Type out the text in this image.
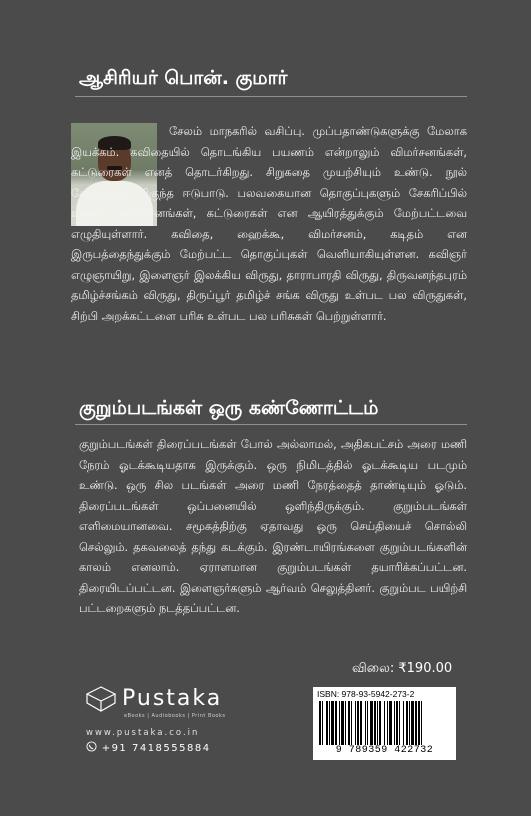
ஆசிரியர் பொன். குமார்
சேலம் மாநகரில் வசிப்பு. முப்பதாண்டுகளுக்கு மேலாக இயக்கம். கவிதையில் தொடங்கிய பயணம் என்றாலும் விமர்சனங்கள், கட்டுரைகள் எனத் தொடர்கிறது. சிறுகதை முயற்சியும் உண்டு. நூல் சேகரிப்பில் மிகுந்த ஈடுபாடு. பலவகையான தொகுப்புகளும் சேகரிப்பில் உண்டு. விமர்சனங்கள், கட்டுரைகள் என ஆயிரத்துக்கும் மேற்பட்டவை எழுதியுள்ளார். கவிதை, ஹைக்கூ, விமர்சனம், கடிதம் என இருபத்தைந்துக்கும் மேற்பட்ட தொகுப்புகள் வெளியாகியுள்ளன. கவிஞர் எழுஞாயிறு, இளைஞர் இலக்கிய விருது, தாராபாரதி விருது, திருவனந்தபுரம் தமிழ்ச்சங்கம் விருது, திருப்பூர் தமிழ்ச் சங்க விருது உள்பட பல விருதுகள், சிற்பி அறக்கட்டளை பரிசு உள்பட பல பரிசுகள் பெற்றுள்ளார்.
குறும்படங்கள் ஒரு கண்ணோட்டம்
குறும்படங்கள் திரைப்படங்கள் போல் அல்லாமல், அதிகபட்சம் அரை மணி நேரம் ஓடக்கூடியதாக இருக்கும். ஒரு நிமிடத்தில் ஓடக்கூடிய படமும் உண்டு. ஒரு சில படங்கள் அரை மணி நேரத்தைத் தாண்டியும் ஓடும். திரைப்படங்கள் ஒப்பனையில் ஒளிந்திருக்கும். குறும்படங்கள் எளிமையானவை. சமூகத்திற்கு ஏதாவது ஒரு செய்தியைச் சொல்லி செல்லும். தகவலைத் தந்து கடக்கும். இரண்டாயிரங்களை குறும்படங்களின் காலம் எனலாம். ஏராளமான குறும்படங்கள் தயாரிக்கப்பட்டன. திரையிடப்பட்டன. இளைஞர்களும் ஆர்வம் செலுத்தினர். குறும்பட பயிற்சி பட்டறைகளும் நடத்தப்பட்டன.
விலை: ₹190.00
Pustaka
eBooks | Audiobooks | Print Books
www.pustaka.co.in
+91 7418555884
ISBN: 978-93-5942-273-2
9 789359 422732
